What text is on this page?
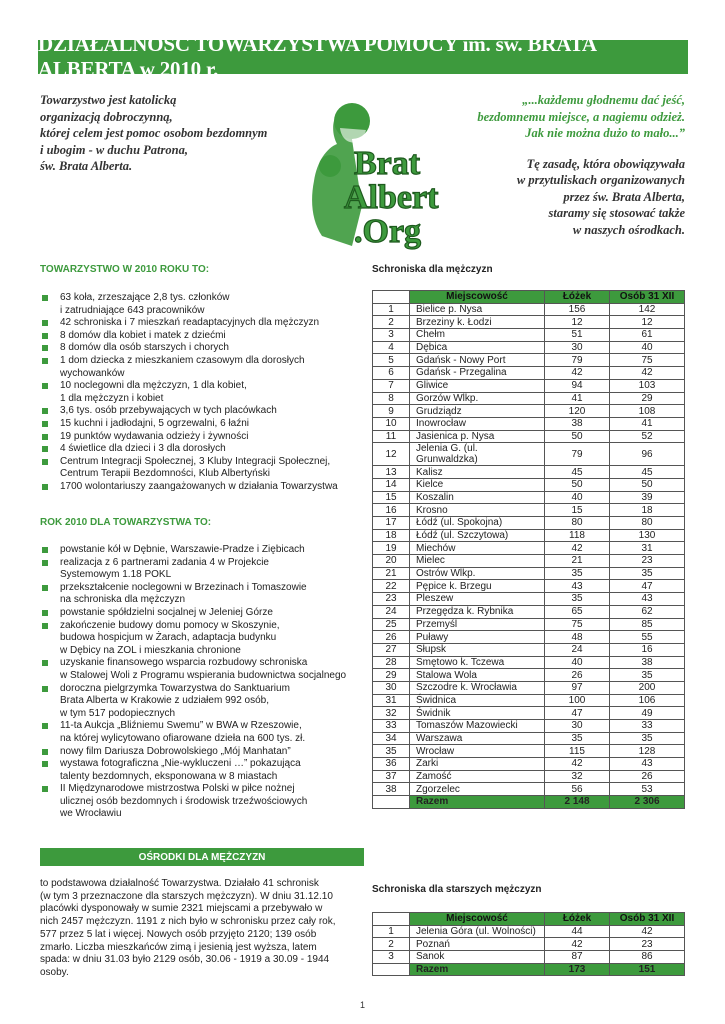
DZIAŁALNOŚĆ TOWARZYSTWA POMOCY im. św. BRATA ALBERTA w 2010 r.
Towarzystwo jest katolicką
organizacją dobroczynną,
której celem jest pomoc osobom bezdomnym
i ubogim - w duchu Patrona,
św. Brata Alberta.	Brat
Albert
.Org
„...każdemu głodnemu dać jeść,
bezdomnemu miejsce, a nagiemu odzież.
Jak nie można dużo to mało...”
Tę zasadę, która obowiązywała
w przytuliskach organizowanych
przez św. Brata Alberta,
staramy się stosować także
w naszych ośrodkach.
TOWARZYSTWO W 2010 ROKU TO:
63 koła, zrzeszające 2,8 tys. członków
i zatrudniające 643 pracowników
42 schroniska i 7 mieszkań readaptacyjnych dla mężczyzn
8 domów dla kobiet i matek z dziećmi
8 domów dla osób starszych i chorych
1 dom dziecka z mieszkaniem czasowym dla dorosłych
wychowanków
10 noclegowni dla mężczyzn, 1 dla kobiet,
1 dla mężczyzn i kobiet
3,6 tys. osób przebywających w tych placówkach
15 kuchni i jadłodajni, 5 ogrzewalni, 6 łaźni
19 punktów wydawania odzieży i żywności
4 świetlice dla dzieci i 3 dla dorosłych
Centrum Integracji Społecznej, 3 Kluby Integracji Społecznej,
Centrum Terapii Bezdomności, Klub Albertyński
1700 wolontariuszy zaangażowanych w działania Towarzystwa
ROK 2010 DLA TOWARZYSTWA TO:
powstanie kół w Dębnie, Warszawie-Pradze i Ziębicach
realizacja z 6 partnerami zadania 4 w Projekcie
Systemowym 1.18 POKL
przekształcenie noclegowni w Brzezinach i Tomaszowie
na schroniska dla mężczyzn
powstanie spółdzielni socjalnej w Jeleniej Górze
zakończenie budowy domu pomocy w Skoszynie,
budowa hospicjum w Żarach, adaptacja budynku
w Dębicy na ZOL i mieszkania chronione
uzyskanie finansowego wsparcia rozbudowy schroniska
w Stalowej Woli z Programu wspierania budownictwa socjalnego
doroczna pielgrzymka Towarzystwa do Sanktuarium
Brata Alberta w Krakowie z udziałem 992 osób,
w tym 517 podopiecznych
11-ta Aukcja „Bliźniemu Swemu” w BWA w Rzeszowie,
na której wylicytowano ofiarowane dzieła na 600 tys. zł.
nowy film Dariusza Dobrowolskiego „Mój Manhatan”
wystawa fotograficzna „Nie-wykluczeni …” pokazująca
talenty bezdomnych, eksponowana w 8 miastach
II Międzynarodowe mistrzostwa Polski w piłce nożnej
ulicznej osób bezdomnych i środowisk trzeźwościowych
we Wrocławiu
OŚRODKI DLA MĘŻCZYZN
to podstawowa działalność Towarzystwa. Działało 41 schronisk
(w tym 3 przeznaczone dla starszych mężczyzn). W dniu 31.12.10
placówki dysponowały w sumie 2321 miejscami a przebywało w
nich 2457 mężczyzn. 1191 z nich było w schronisku przez cały rok,
577 przez 5 lat i więcej. Nowych osób przyjęto 2120; 139 osób
zmarło. Liczba mieszkańców zimą i jesienią jest wyższa, latem
spada: w dniu 31.03 było 2129 osób, 30.06 - 1919 a 30.09 - 1944
osoby.
Schroniska dla mężczyzn
	Miejscowość	Łóżek	Osób 31 XII
1	Bielice p. Nysa	156	142
2	Brzeziny k. Łodzi	12	12
3	Chełm	51	61
4	Dębica	30	40
5	Gdańsk - Nowy Port	79	75
6	Gdańsk - Przegalina	42	42
7	Gliwice	94	103
8	Gorzów Wlkp.	41	29
9	Grudziądz	120	108
10	Inowrocław	38	41
11	Jasienica p. Nysa	50	52
12	Jelenia G. (ul. Grunwaldzka)	79	96
13	Kalisz	45	45
14	Kielce	50	50
15	Koszalin	40	39
16	Krosno	15	18
17	Łódź (ul. Spokojna)	80	80
18	Łódź (ul. Szczytowa)	118	130
19	Miechów	42	31
20	Mielec	21	23
21	Ostrów Wlkp.	35	35
22	Pępice k. Brzegu	43	47
23	Pleszew	35	43
24	Przegędza k. Rybnika	65	62
25	Przemyśl	75	85
26	Puławy	48	55
27	Słupsk	24	16
28	Smętowo k. Tczewa	40	38
29	Stalowa Wola	26	35
30	Szczodre k. Wrocławia	97	200
31	Świdnica	100	106
32	Świdnik	47	49
33	Tomaszów Mazowiecki	30	33
34	Warszawa	35	35
35	Wrocław	115	128
36	Żarki	42	43
37	Zamość	32	26
38	Zgorzelec	56	53
	Razem	2 148	2 306
Schroniska dla starszych mężczyzn
	Miejscowość	Łóżek	Osób 31 XII
1	Jelenia Góra (ul. Wolności)	44	42
2	Poznań	42	23
3	Sanok	87	86
	Razem	173	151
1
